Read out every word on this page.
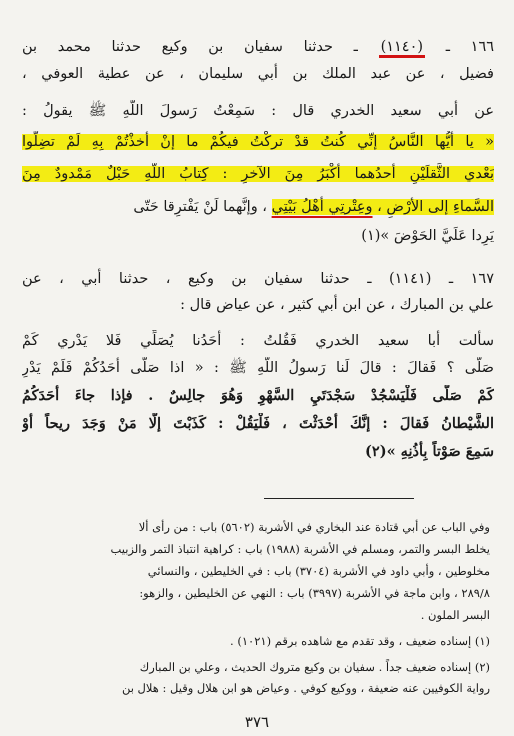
١٦٦ ـ (١١٤٠) ـ حدثنا سفيان بن وكيع حدثنا محمد بن
فضيل ، عن عبد الملك بن أبي سليمان ، عن عطية العوفي ،
عن أبي سعيد الخدري قال : سَمِعْتُ رَسولَ اللَّهِ ﷺ يقولُ :
« يا أيُّها النَّاسُ إنِّي كُنتُ قدْ تركْتُ فيكُمْ ما إنْ أخذْتُمْ بِهِ لَمْ تضِلُّوا
بَعْدي الثَّقلَيْنِ أحدُهما أكْبَرُ مِنَ الآخرِ : كِتابُ اللَّهِ حَبْلٌ مَمْدودٌ مِنَ
السَّماءِ إلى الأرْضِ ، وعِتْرتِي أهْلُ بَيْتِي ، وإنَّهما لَنْ يَفْترِقا حَتّى
يَرِدا عَلَيَّ الحَوْضَ »(١)
١٦٧ ـ (١١٤١) ـ حدثنا سفيان بن وكيع ، حدثنا أبي ، عن
علي بن المبارك ، عن ابن أبي كثير ، عن عياض قال :
سألت أبا سعيد الخدري فَقُلتُ : أحَدُنا يُصَلِّي فَلا يَدْري كَمْ
صَلَّى ؟ فَقالَ : قالَ لَنا رَسولُ اللَّهِ ﷺ : « اذا صَلَّى أحَدُكُمْ فَلَمْ يَدْرِ
كَمْ صَلَّى فَلْيَسْجُدْ سَجْدَتَيِ السَّهْوِ وَهُوَ جالِسٌ . فإذا جاءَ أحَدَكُمُ
الشَّيْطانُ فَقالَ : إنَّكَ أحْدَثْتَ ، فَلْيَقُلْ : كَذَبْتَ إلّا مَنْ وَجَدَ ريحاً أوْ
سَمِعَ صَوْتاً بِأُذُنِهِ »(٢)
وفي الباب عن أبي قتادة عند البخاري في الأشربة (٥٦٠٢) باب : من رأى ألا
يخلط البسر والتمر، ومسلم في الأشربة (١٩٨٨) باب : كراهية انتباذ التمر والزبيب
مخلوطين ، وأبي داود في الأشربة (٣٧٠٤) باب : في الخليطين ، والنسائي
٢٨٩/٨ ، وابن ماجة في الأشربة (٣٩٩٧) باب : النهي عن الخليطين ، والزهو:
البسر الملون .
(١) إسناده ضعيف ، وقد تقدم مع شاهده برقم (١٠٢١) .
(٢) إسناده ضعيف جداً . سفيان بن وكيع متروك الحديث ، وعلي بن المبارك
رواية الكوفيين عنه ضعيفة ، ووكيع كوفي . وعياض هو ابن هلال وقيل : هلال بن
٣٧٦
